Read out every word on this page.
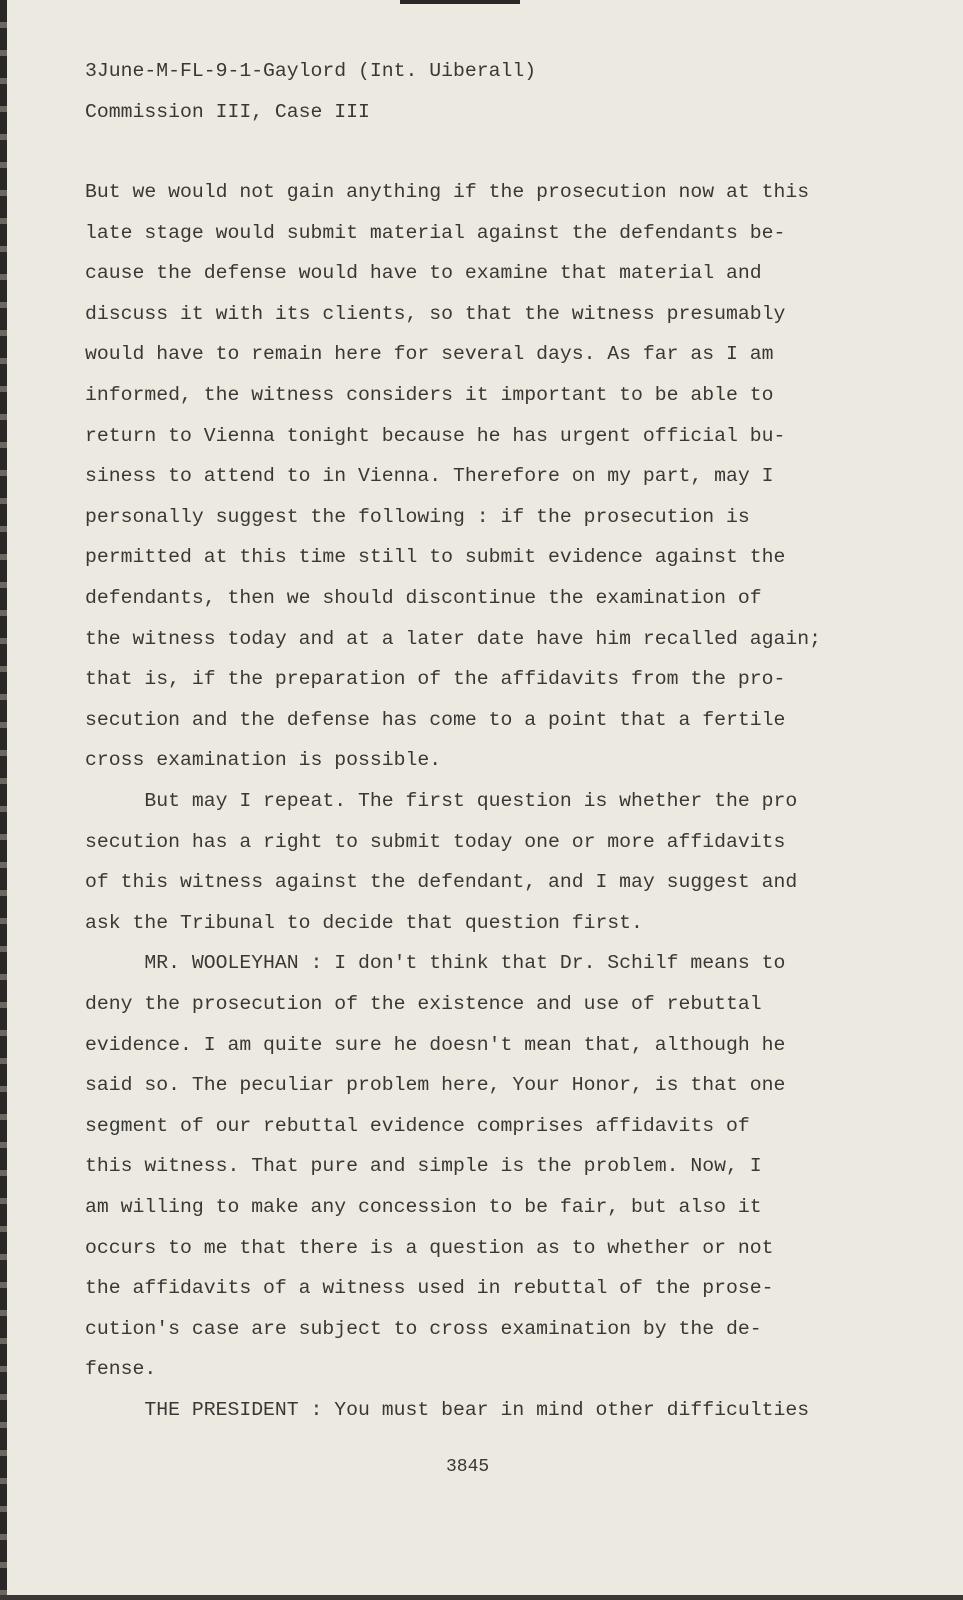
3June-M-FL-9-1-Gaylord (Int. Uiberall)
Commission III, Case III
But we would not gain anything if the prosecution now at this
late stage would submit material against the defendants be-
cause the defense would have to examine that material and
discuss it with its clients, so that the witness presumably
would have to remain here for several days. As far as I am
informed, the witness considers it important to be able to
return to Vienna tonight because he has urgent official bu-
siness to attend to in Vienna. Therefore on my part, may I
personally suggest the following : if the prosecution is
permitted at this time still to submit evidence against the
defendants, then we should discontinue the examination of
the witness today and at a later date have him recalled again;
that is, if the preparation of the affidavits from the pro-
secution and the defense has come to a point that a fertile
cross examination is possible.
But may I repeat. The first question is whether the pro
secution has a right to submit today one or more affidavits
of this witness against the defendant, and I may suggest and
ask the Tribunal to decide that question first.
MR. WOOLEYHAN : I don't think that Dr. Schilf means to
deny the prosecution of the existence and use of rebuttal
evidence. I am quite sure he doesn't mean that, although he
said so. The peculiar problem here, Your Honor, is that one
segment of our rebuttal evidence comprises affidavits of
this witness. That pure and simple is the problem. Now, I
am willing to make any concession to be fair, but also it
occurs to me that there is a question as to whether or not
the affidavits of a witness used in rebuttal of the prose-
cution's case are subject to cross examination by the de-
fense.
THE PRESIDENT : You must bear in mind other difficulties
3845
